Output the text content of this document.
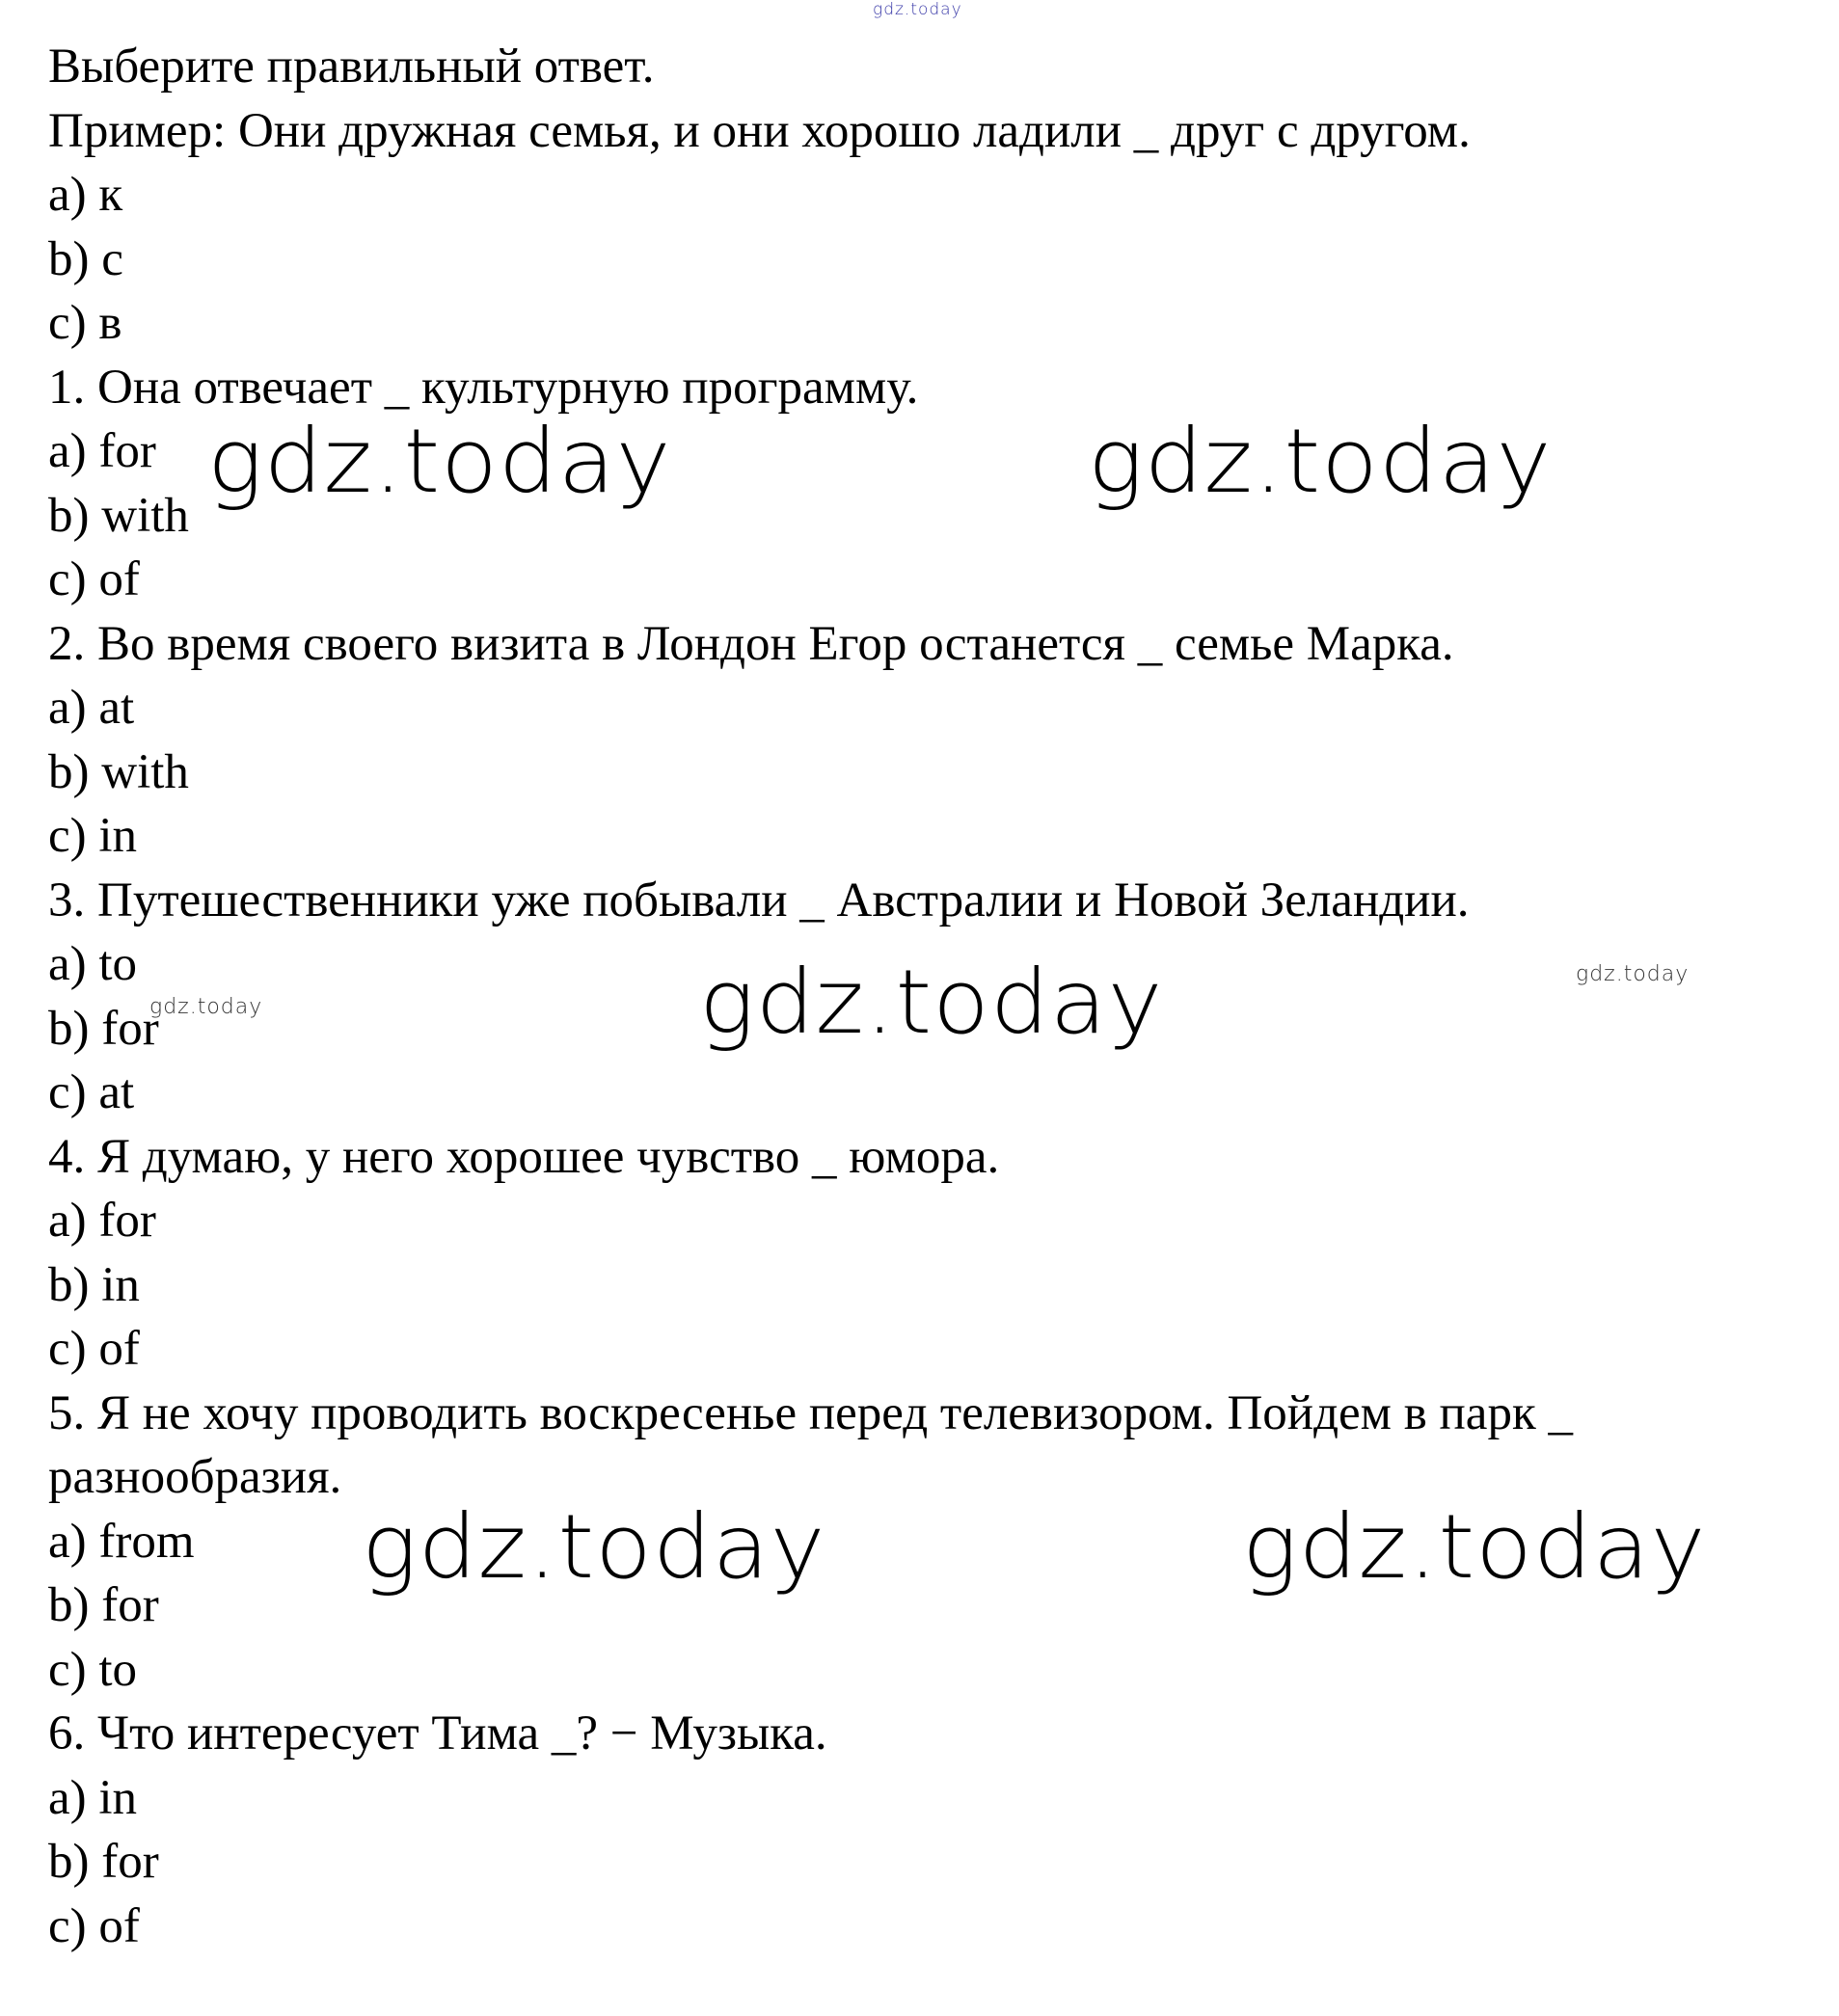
Выберите правильный ответ.
Пример: Они дружная семья, и они хорошо ладили _ друг с другом.
a) к
b) с
c) в
1. Она отвечает _ культурную программу.
a) for
b) with
c) of
2. Во время своего визита в Лондон Егор останется _ семье Марка.
a) at
b) with
c) in
3. Путешественники уже побывали _ Австралии и Новой Зеландии.
a) to
b) for
c) at
4. Я думаю, у него хорошее чувство _ юмора.
a) for
b) in
c) of
5. Я не хочу проводить воскресенье перед телевизором. Пойдем в парк _
разнообразия.
a) from
b) for
c) to
6. Что интересует Тима _? − Музыка.
a) in
b) for
c) of
gdz.today
gdz.today	gdz.today
gdz.today	gdz.today
gdz.today
gdz.today	gdz.today
